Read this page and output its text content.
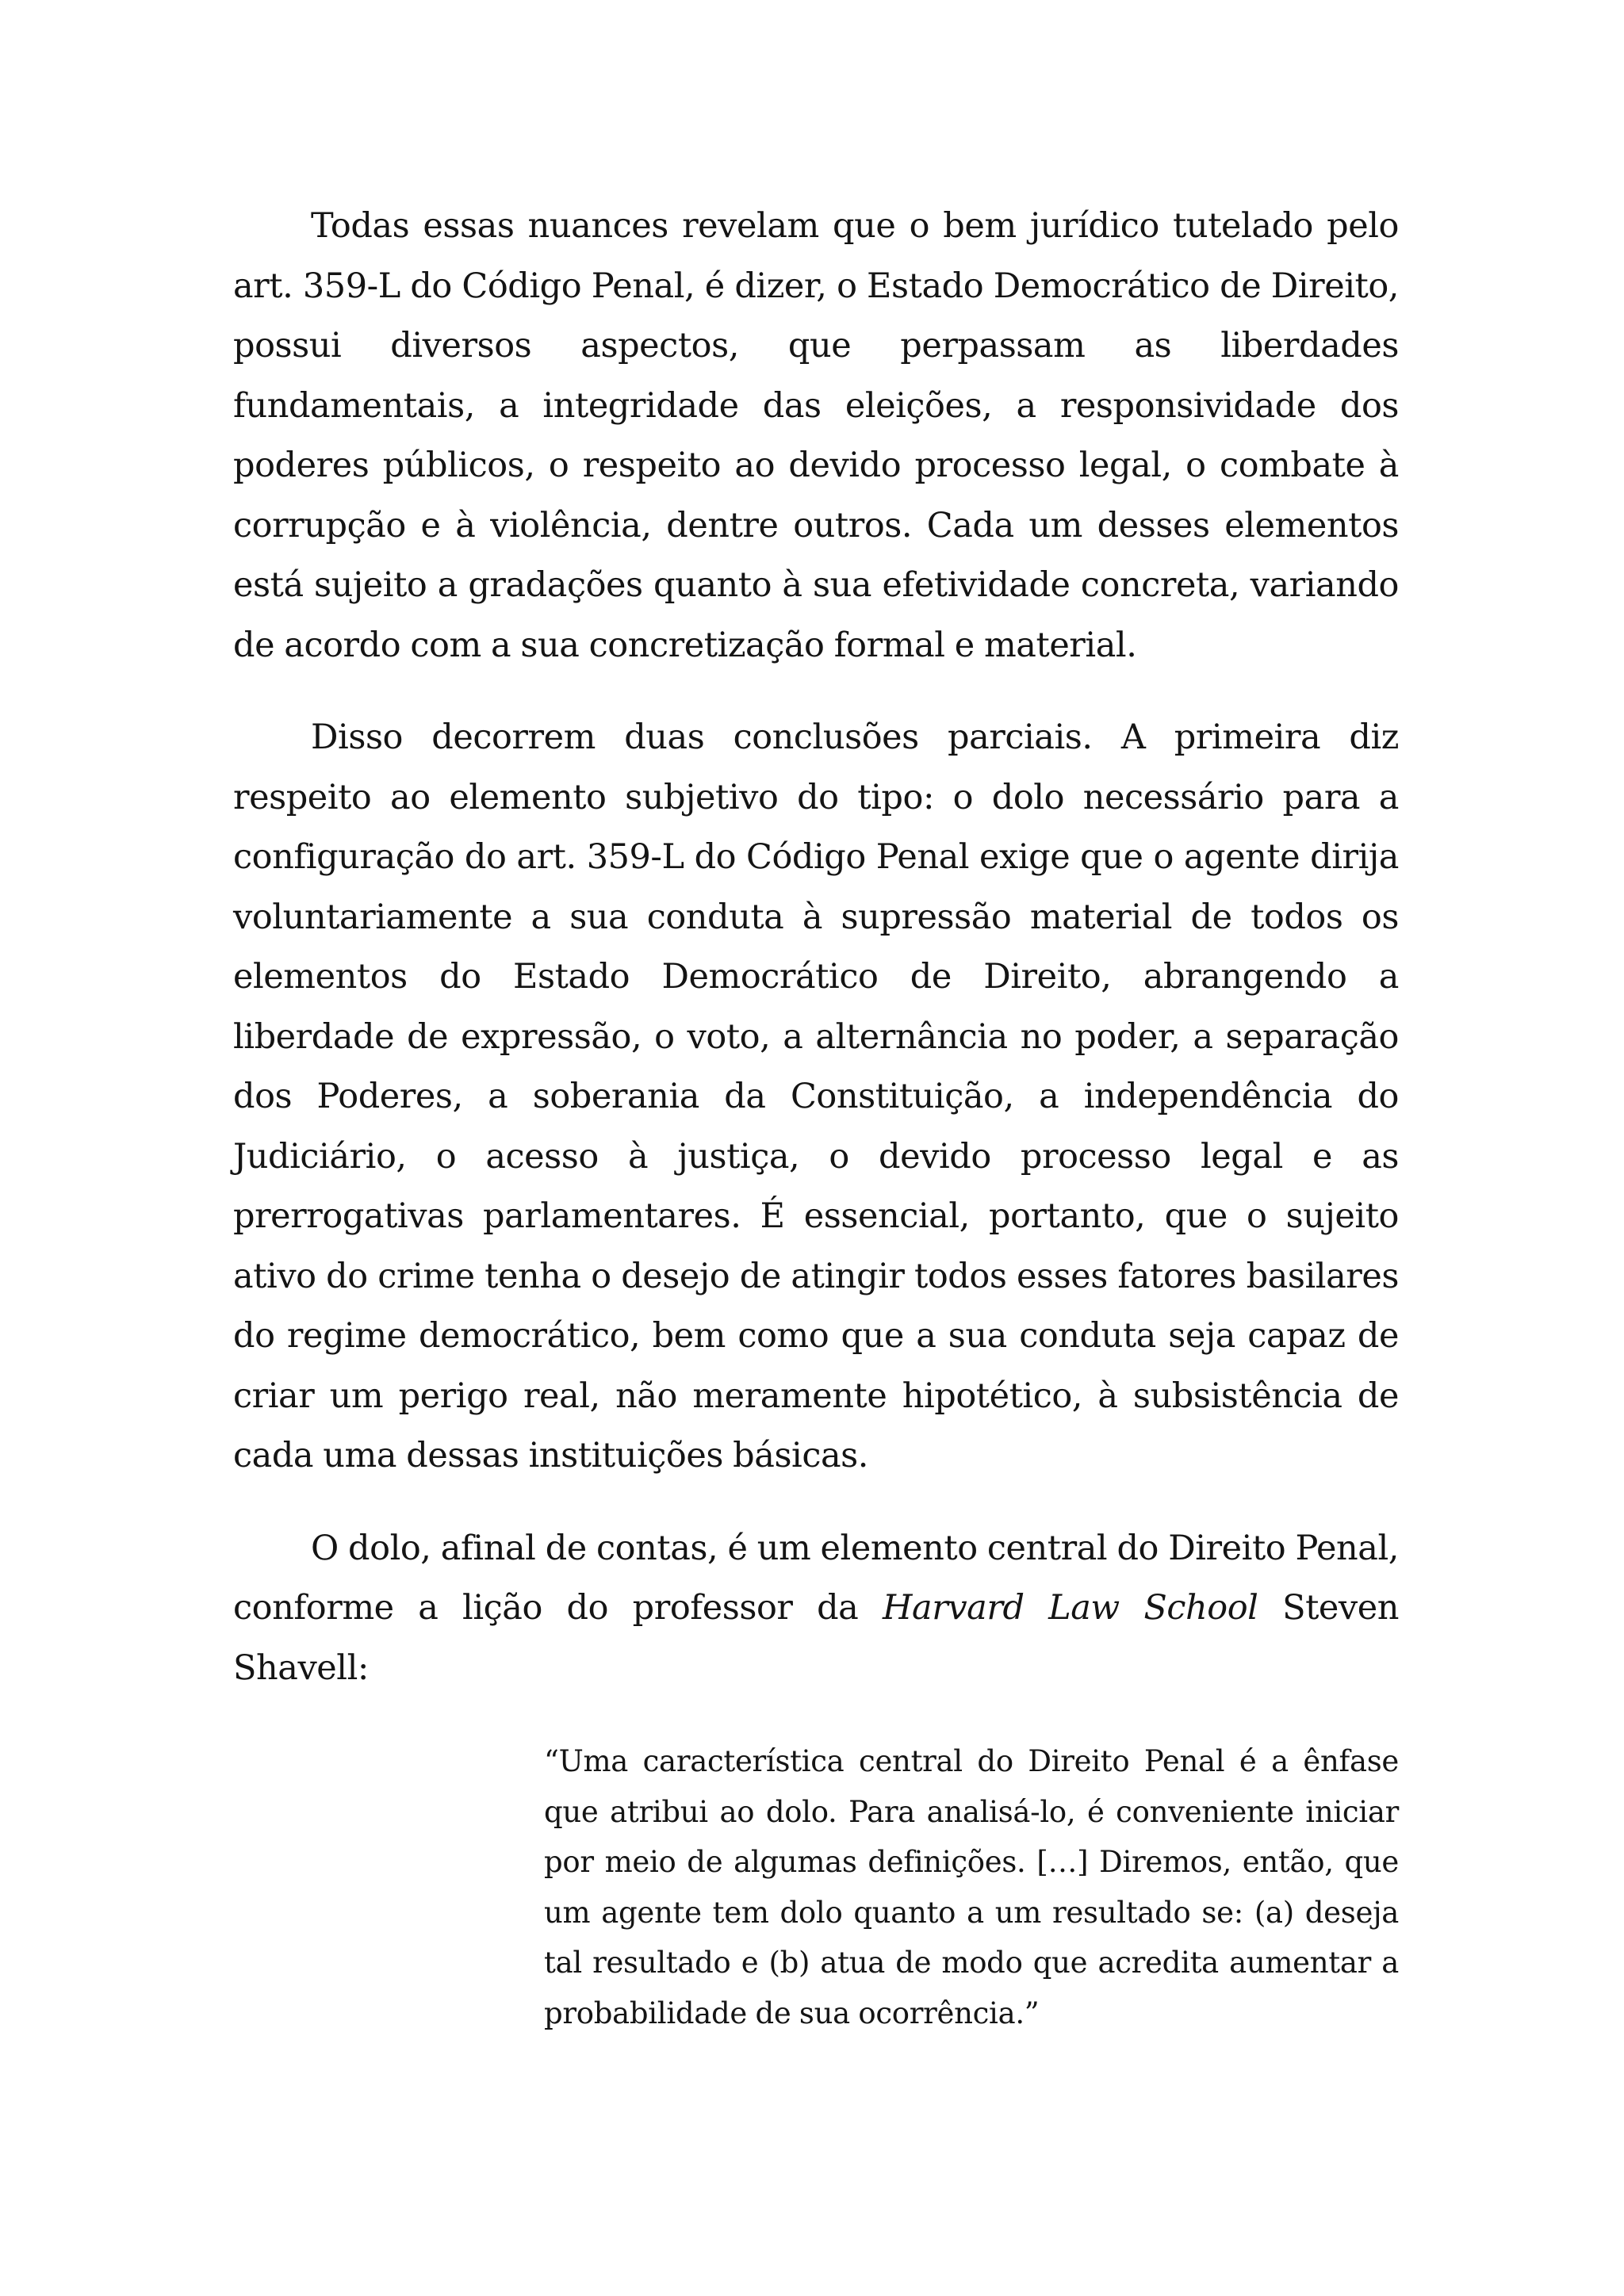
Todas essas nuances revelam que o bem jurídico tutelado pelo art. 359-L do Código Penal, é dizer, o Estado Democrático de Direito, possui diversos aspectos, que perpassam as liberdades fundamentais, a integridade das eleições, a responsividade dos poderes públicos, o respeito ao devido processo legal, o combate à corrupção e à violência, dentre outros. Cada um desses elementos está sujeito a gradações quanto à sua efetividade concreta, variando de acordo com a sua concretização formal e material.

Disso decorrem duas conclusões parciais. A primeira diz respeito ao elemento subjetivo do tipo: o dolo necessário para a configuração do art. 359-L do Código Penal exige que o agente dirija voluntariamente a sua conduta à supressão material de todos os elementos do Estado Democrático de Direito, abrangendo a liberdade de expressão, o voto, a alternância no poder, a separação dos Poderes, a soberania da Constituição, a independência do Judiciário, o acesso à justiça, o devido processo legal e as prerrogativas parlamentares. É essencial, portanto, que o sujeito ativo do crime tenha o desejo de atingir todos esses fatores basilares do regime democrático, bem como que a sua conduta seja capaz de criar um perigo real, não meramente hipotético, à subsistência de cada uma dessas instituições básicas.

O dolo, afinal de contas, é um elemento central do Direito Penal, conforme a lição do professor da Harvard Law School Steven Shavell:

“Uma característica central do Direito Penal é a ênfase que atribui ao dolo. Para analisá-lo, é conveniente iniciar por meio de algumas definições. […] Diremos, então, que um agente tem dolo quanto a um resultado se: (a) deseja tal resultado e (b) atua de modo que acredita aumentar a probabilidade de sua ocorrência.”
